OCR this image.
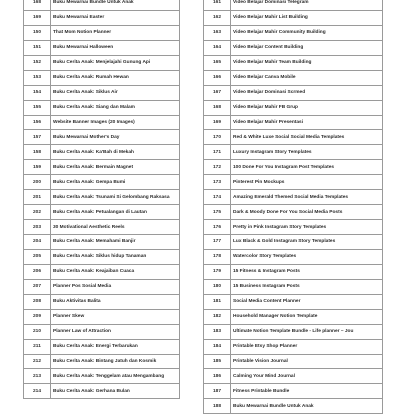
168	Buku Mewarnai Bundle Untuk Anak
169	Buku Mewarnai Easter
150	That Mom Notion Planner
151	Buku Mewarnai Halloween
152	Buku Cerita Anak: Menjelajahi Gunung Api
153	Buku Cerita Anak: Rumah Hewan
154	Buku Cerita Anak: Siklus Air
155	Buku Cerita Anak: Siang dan Malam
156	Website Banner Images (20 Images)
157	Buku Mewarnai Mother's Day
158	Buku Cerita Anak: Ka'Bah di Mekah
159	Buku Cerita Anak: Bermain Magnet
200	Buku Cerita Anak: Gempa Bumi
201	Buku Cerita Anak: Tsunami Si Gelombang Raksasa
202	Buku Cerita Anak: Petualangan di Lautan
203	30 Motivational Aesthetic Reels
204	Buku Cerita Anak: Memahami Banjir
205	Buku Cerita Anak: Siklus hidup Tanaman
206	Buku Cerita Anak: Keajaiban Cuaca
207	Planner Pos Sosial Media
208	Buku Aktivitas Balita
209	Planner Skew
210	Planner Law of Attraction
211	Buku Cerita Anak: Energi Terbarukan
212	Buku Cerita Anak: Bintang Jatuh dan Kosmik
213	Buku Cerita Anak: Tenggelam atau Mengambang
214	Buku Cerita Anak: Gerhana Bulan
161	Video Belajar Dominasi Telegram
162	Video Belajar Mahir List Building
163	Video Belajar Mahir Community Building
164	Video Belajar Content Building
165	Video Belajar Mahir Team Building
166	Video Belajar Canva Mobile
167	Video Belajar Dominasi Scrmed
168	Video Belajar Mahir FB Grup
169	Video Belajar Mahir Presentasi
170	Red & White Luxe Social Social Media Templates
171	Luxury Instagram Story Templates
172	100 Done For You Instagram Post Templates
173	Pinterest Pin Mockups
174	Amazing Emerald Themed Social Media Templates
175	Dark & Moody Done For You Social Media Posts
176	Pretty in Pink Instagram Story Templates
177	Lux Black & Gold Instagram Story Templates
178	Watercolor Story Templates
179	15 Fitness & Instagram Posts
180	15 Business Instagram Posts
181	Social Media Content Planner
182	Household Manager Notion Template
183	Ultimate Notion Template Bundle - Life planner – Jou
184	Printable Etsy Shop Planner
185	Printable Vision Journal
186	Calming Your Mind Journal
187	Fitness Printable Bundle
188	Buku Mewarnai Bundle Untuk Anak
